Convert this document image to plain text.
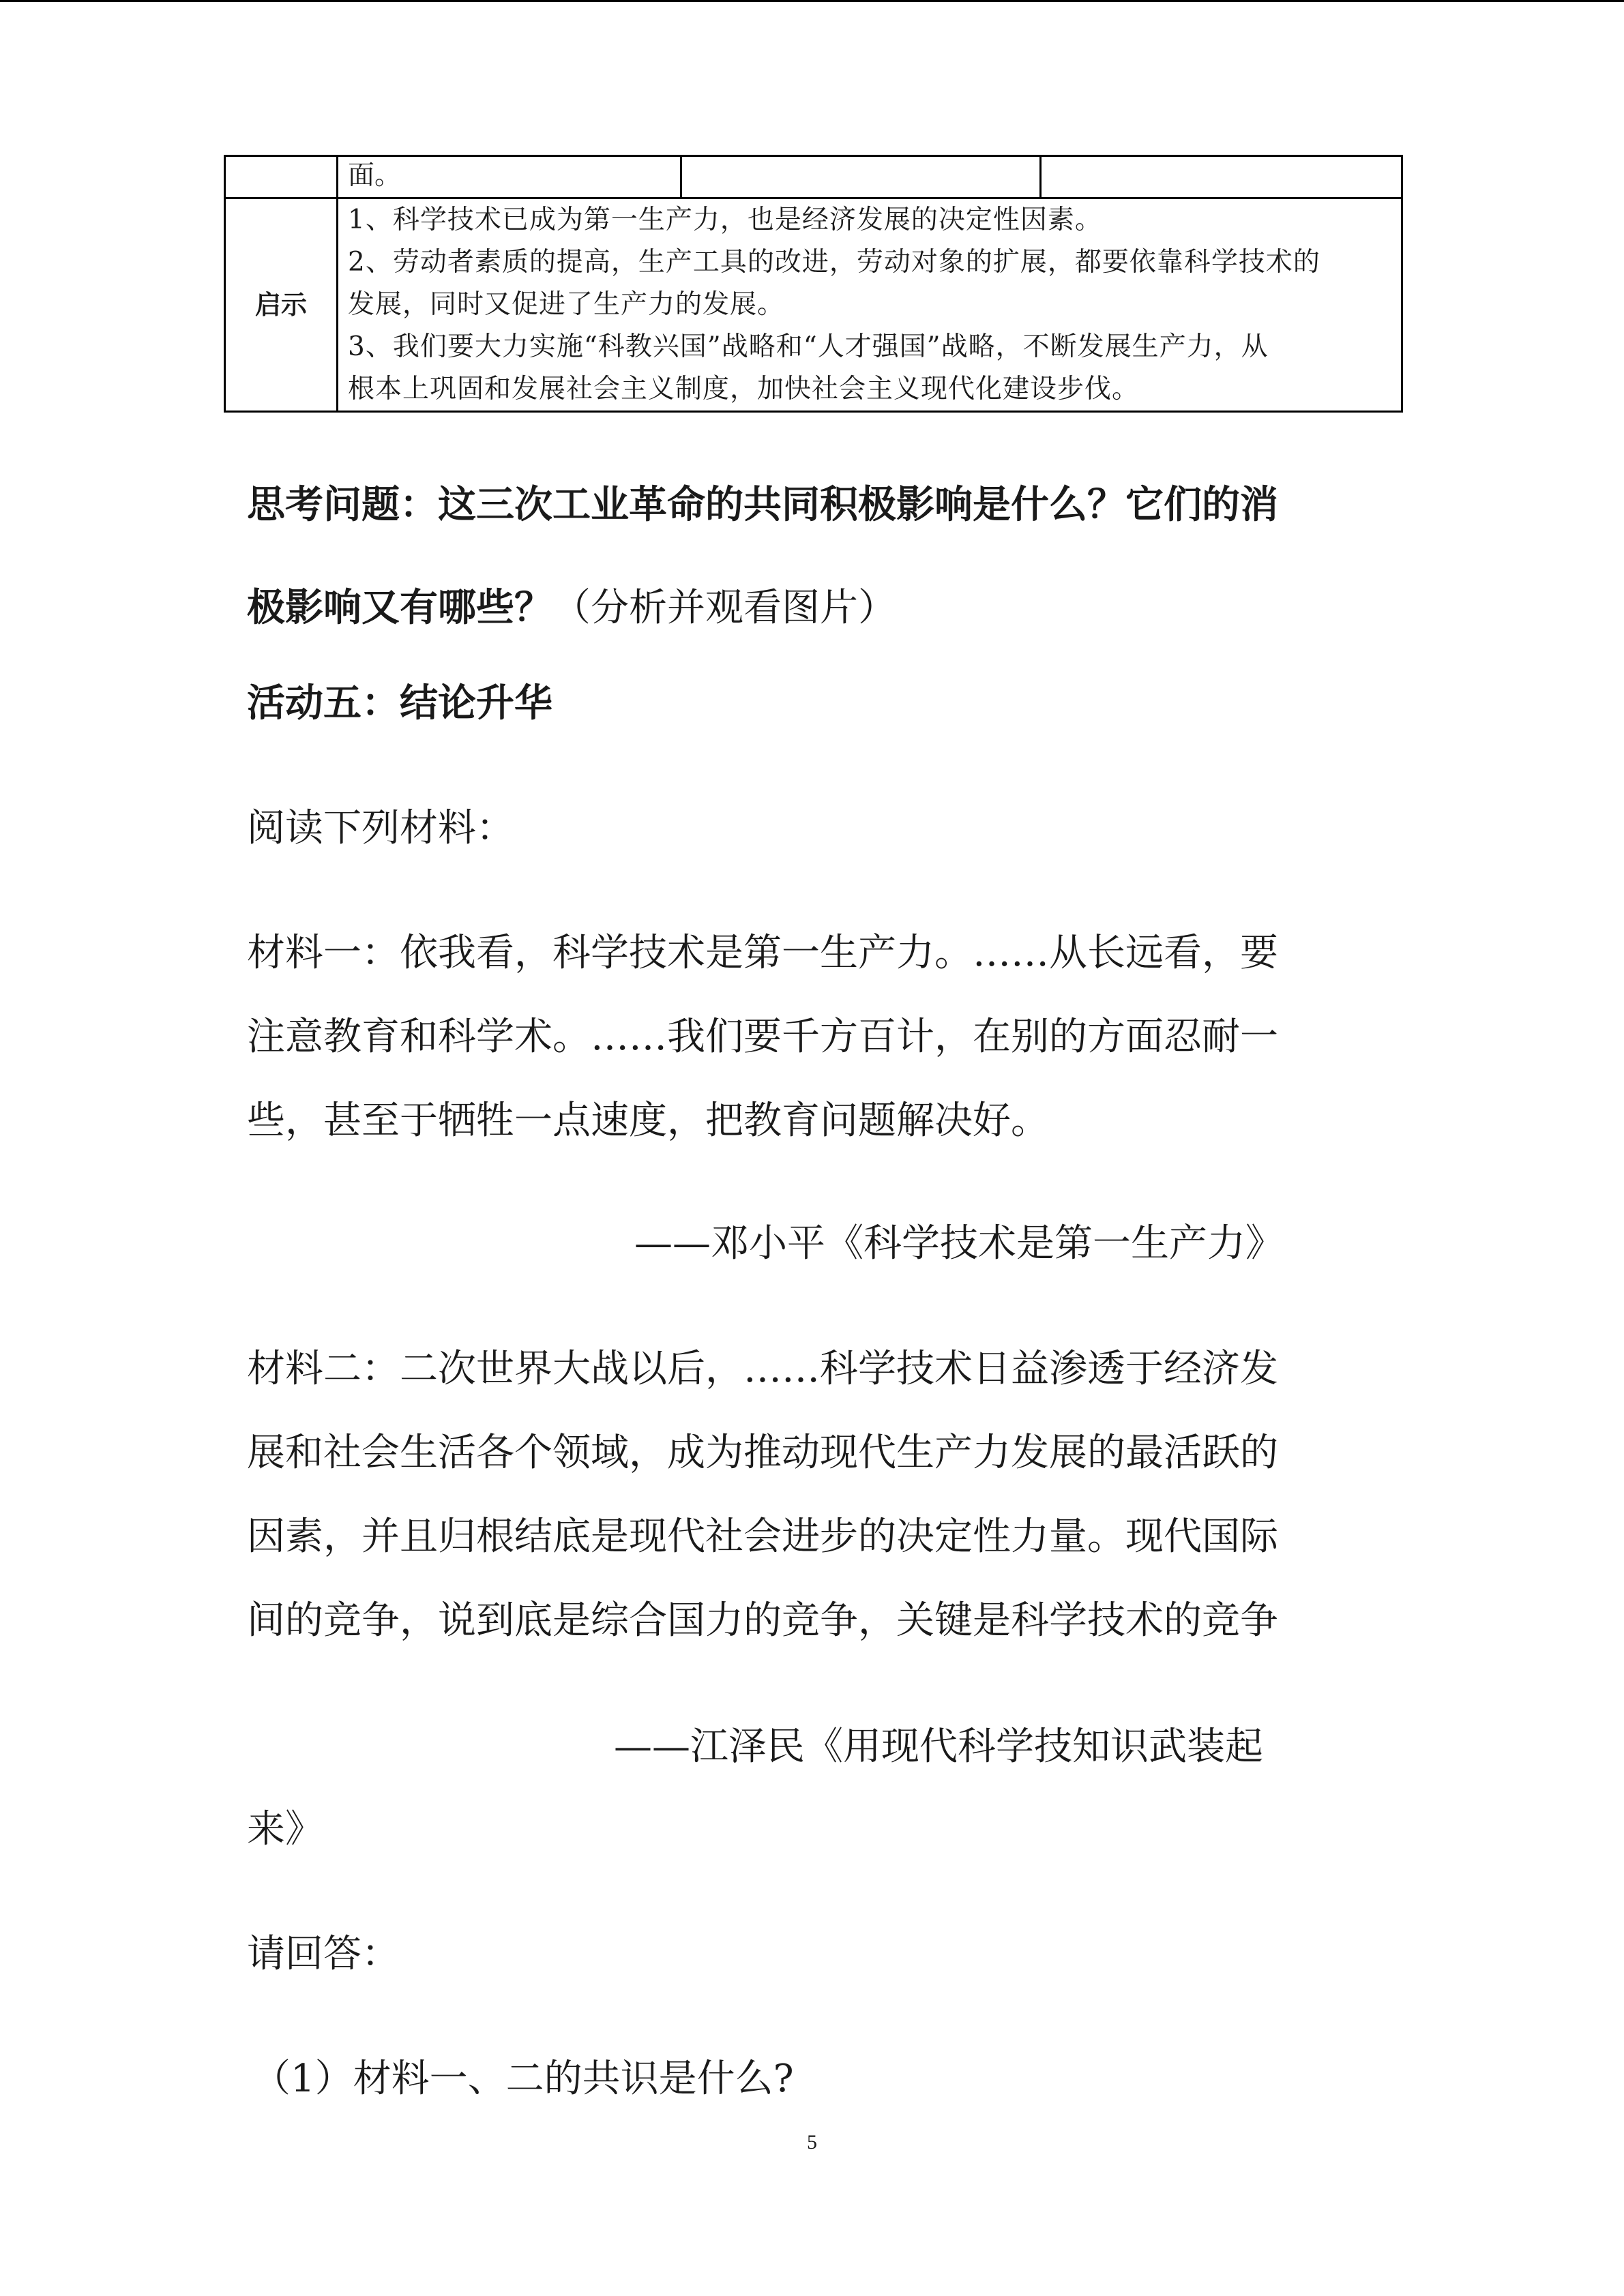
	面。		
启示	1、科学技术已成为第一生产力，也是经济发展的决定性因素。
2、劳动者素质的提高，生产工具的改进，劳动对象的扩展，都要依靠科学技术的
发展，同时又促进了生产力的发展。
3、我们要大力实施“科教兴国”战略和“人才强国”战略，不断发展生产力，从
根本上巩固和发展社会主义制度，加快社会主义现代化建设步伐。		
思考问题：这三次工业革命的共同积极影响是什么？它们的消
极影响又有哪些？（分析并观看图片）
活动五：结论升华
阅读下列材料：
材料一：依我看，科学技术是第一生产力。……从长远看，要
注意教育和科学术。……我们要千方百计，在别的方面忍耐一
些，甚至于牺牲一点速度，把教育问题解决好。
——邓小平《科学技术是第一生产力》
材料二：二次世界大战以后，……科学技术日益渗透于经济发
展和社会生活各个领域，成为推动现代生产力发展的最活跃的
因素，并且归根结底是现代社会进步的决定性力量。现代国际
间的竞争，说到底是综合国力的竞争，关键是科学技术的竞争
——江泽民《用现代科学技知识武装起
来》
请回答：
（1）材料一、二的共识是什么?
5
